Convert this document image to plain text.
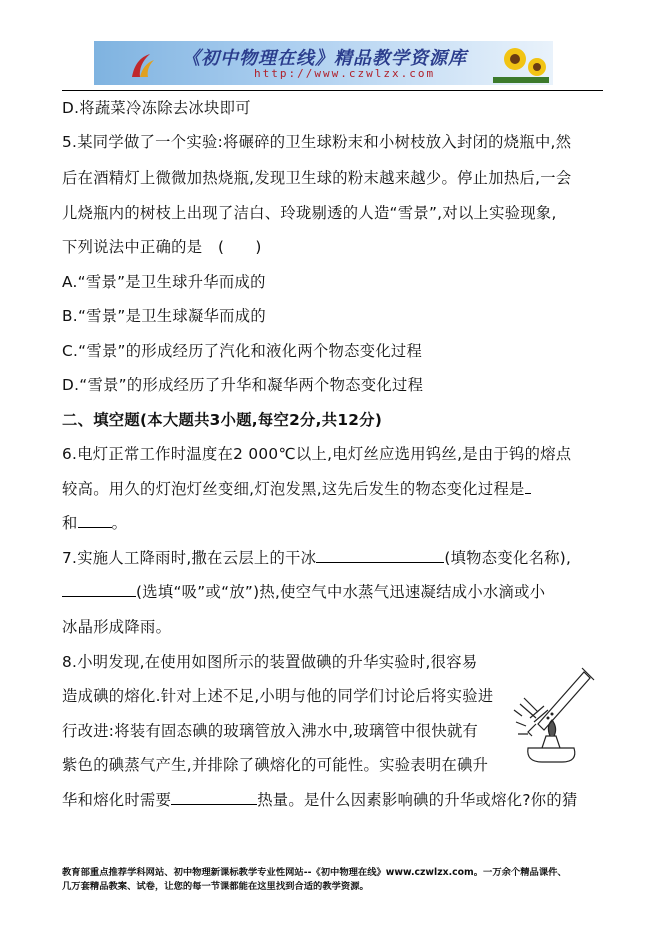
《初中物理在线》精品教学资源库
http://www.czwlzx.com
D.将蔬菜冷冻除去冰块即可
5.某同学做了一个实验:将碾碎的卫生球粉末和小树枝放入封闭的烧瓶中,然
后在酒精灯上微微加热烧瓶,发现卫生球的粉末越来越少。停止加热后,一会
儿烧瓶内的树枝上出现了洁白、玲珑剔透的人造“雪景”,对以上实验现象,
下列说法中正确的是　(　　)
A.“雪景”是卫生球升华而成的
B.“雪景”是卫生球凝华而成的
C.“雪景”的形成经历了汽化和液化两个物态变化过程
D.“雪景”的形成经历了升华和凝华两个物态变化过程
二、填空题(本大题共3小题,每空2分,共12分)
6.电灯正常工作时温度在2 000℃以上,电灯丝应选用钨丝,是由于钨的熔点
较高。用久的灯泡灯丝变细,灯泡发黑,这先后发生的物态变化过程是
和 。
7.实施人工降雨时,撒在云层上的干冰	(填物态变化名称),
(选填“吸”或“放”)热,使空气中水蒸气迅速凝结成小水滴或小
冰晶形成降雨。
8.小明发现,在使用如图所示的装置做碘的升华实验时,很容易
造成碘的熔化.针对上述不足,小明与他的同学们讨论后将实验进
行改进:将装有固态碘的玻璃管放入沸水中,玻璃管中很快就有
紫色的碘蒸气产生,并排除了碘熔化的可能性。实验表明在碘升
华和熔化时需要	热量。是什么因素影响碘的升华或熔化?你的猜
教育部重点推荐学科网站、初中物理新课标教学专业性网站--《初中物理在线》www.czwlzx.com。一万余个精品课件、
几万套精品教案、试卷，让您的每一节课都能在这里找到合适的教学资源。
